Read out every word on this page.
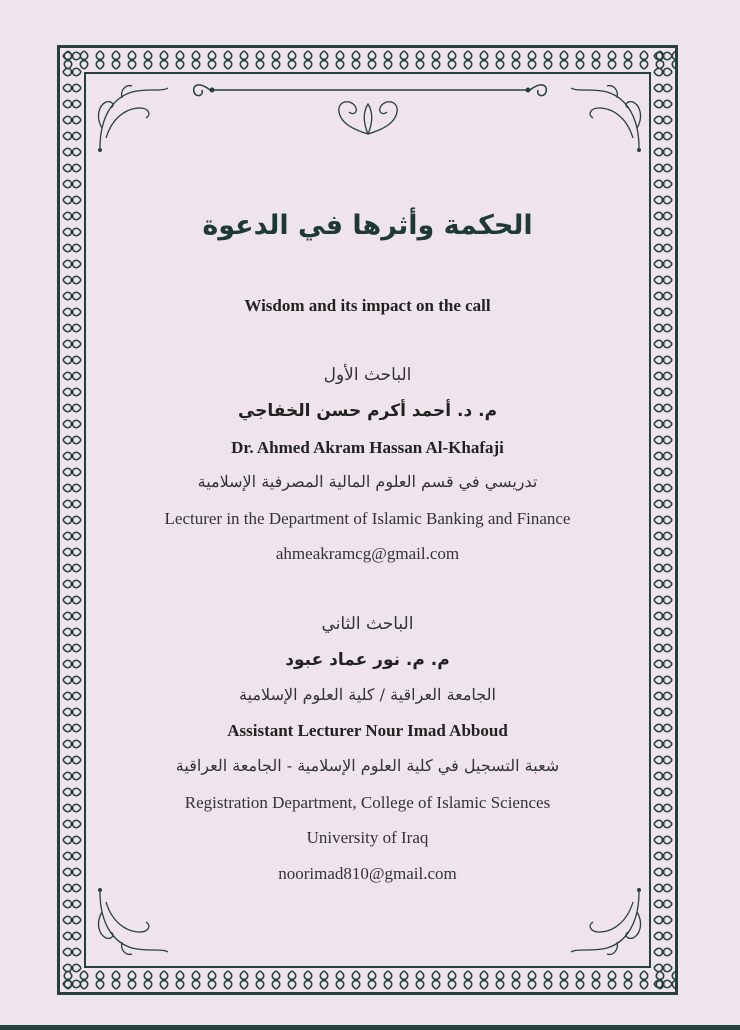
الحكمة وأثرها في الدعوة
Wisdom and its impact on the call
الباحث الأول
م. د. أحمد أكرم حسن الخفاجي
Dr. Ahmed Akram Hassan Al-Khafaji
تدريسي في قسم العلوم المالية المصرفية الإسلامية
Lecturer in the Department of Islamic Banking and Finance
ahmeakramcg@gmail.com
الباحث الثاني
م. م. نور عماد عبود
الجامعة العراقية / كلية العلوم الإسلامية
Assistant Lecturer Nour Imad Abboud
شعبة التسجيل في كلية العلوم الإسلامية - الجامعة العراقية
Registration Department, College of Islamic Sciences
University of Iraq
noorimad810@gmail.com
